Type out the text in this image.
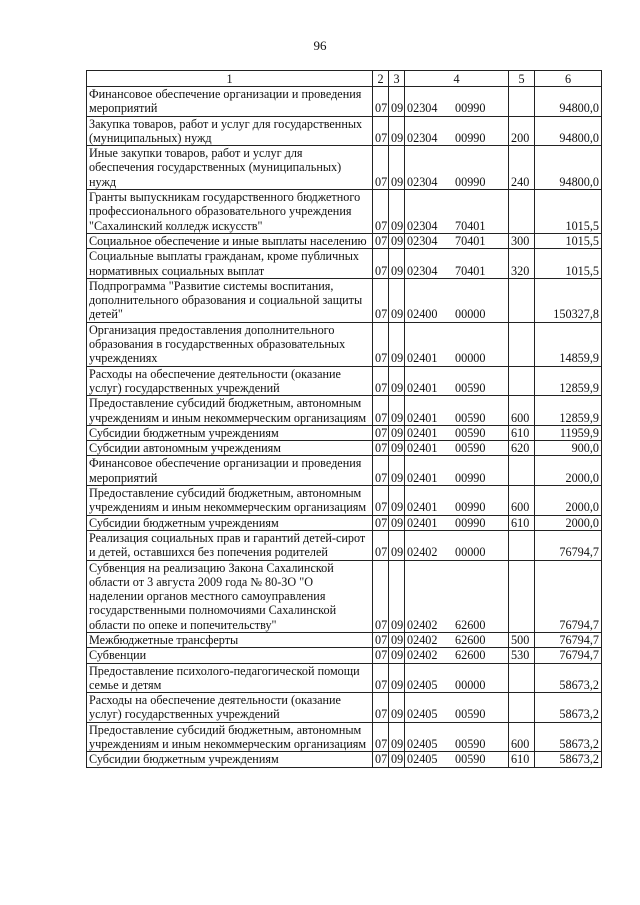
96
1	2	3	4	5	6
Финансовое обеспечение организации и проведения мероприятий	07	09	02304 00990		94800,0
Закупка товаров, работ и услуг для государственных (муниципальных) нужд	07	09	02304 00990	200	94800,0
Иные закупки товаров, работ и услуг для обеспечения государственных (муниципальных) нужд	07	09	02304 00990	240	94800,0
Гранты выпускникам государственного бюджетного профессионального образовательного учреждения "Сахалинский колледж искусств"	07	09	02304 70401		1015,5
Социальное обеспечение и иные выплаты населению	07	09	02304 70401	300	1015,5
Социальные выплаты гражданам, кроме публичных нормативных социальных выплат	07	09	02304 70401	320	1015,5
Подпрограмма "Развитие системы воспитания, дополнительного образования и социальной защиты детей"	07	09	02400 00000		150327,8
Организация предоставления дополнительного образования в государственных образовательных учреждениях	07	09	02401 00000		14859,9
Расходы на обеспечение деятельности (оказание услуг) государственных учреждений	07	09	02401 00590		12859,9
Предоставление субсидий бюджетным, автономным учреждениям и иным некоммерческим организациям	07	09	02401 00590	600	12859,9
Субсидии бюджетным учреждениям	07	09	02401 00590	610	11959,9
Субсидии автономным учреждениям	07	09	02401 00590	620	900,0
Финансовое обеспечение организации и проведения мероприятий	07	09	02401 00990		2000,0
Предоставление субсидий бюджетным, автономным учреждениям и иным некоммерческим организациям	07	09	02401 00990	600	2000,0
Субсидии бюджетным учреждениям	07	09	02401 00990	610	2000,0
Реализация социальных прав и гарантий детей-сирот и детей, оставшихся без попечения родителей	07	09	02402 00000		76794,7
Субвенция на реализацию Закона Сахалинской области от 3 августа 2009 года № 80-ЗО "О наделении органов местного самоуправления государственными полномочиями Сахалинской области по опеке и попечительству"	07	09	02402 62600		76794,7
Межбюджетные трансферты	07	09	02402 62600	500	76794,7
Субвенции	07	09	02402 62600	530	76794,7
Предоставление психолого-педагогической помощи семье и детям	07	09	02405 00000		58673,2
Расходы на обеспечение деятельности (оказание услуг) государственных учреждений	07	09	02405 00590		58673,2
Предоставление субсидий бюджетным, автономным учреждениям и иным некоммерческим организациям	07	09	02405 00590	600	58673,2
Субсидии бюджетным учреждениям	07	09	02405 00590	610	58673,2
